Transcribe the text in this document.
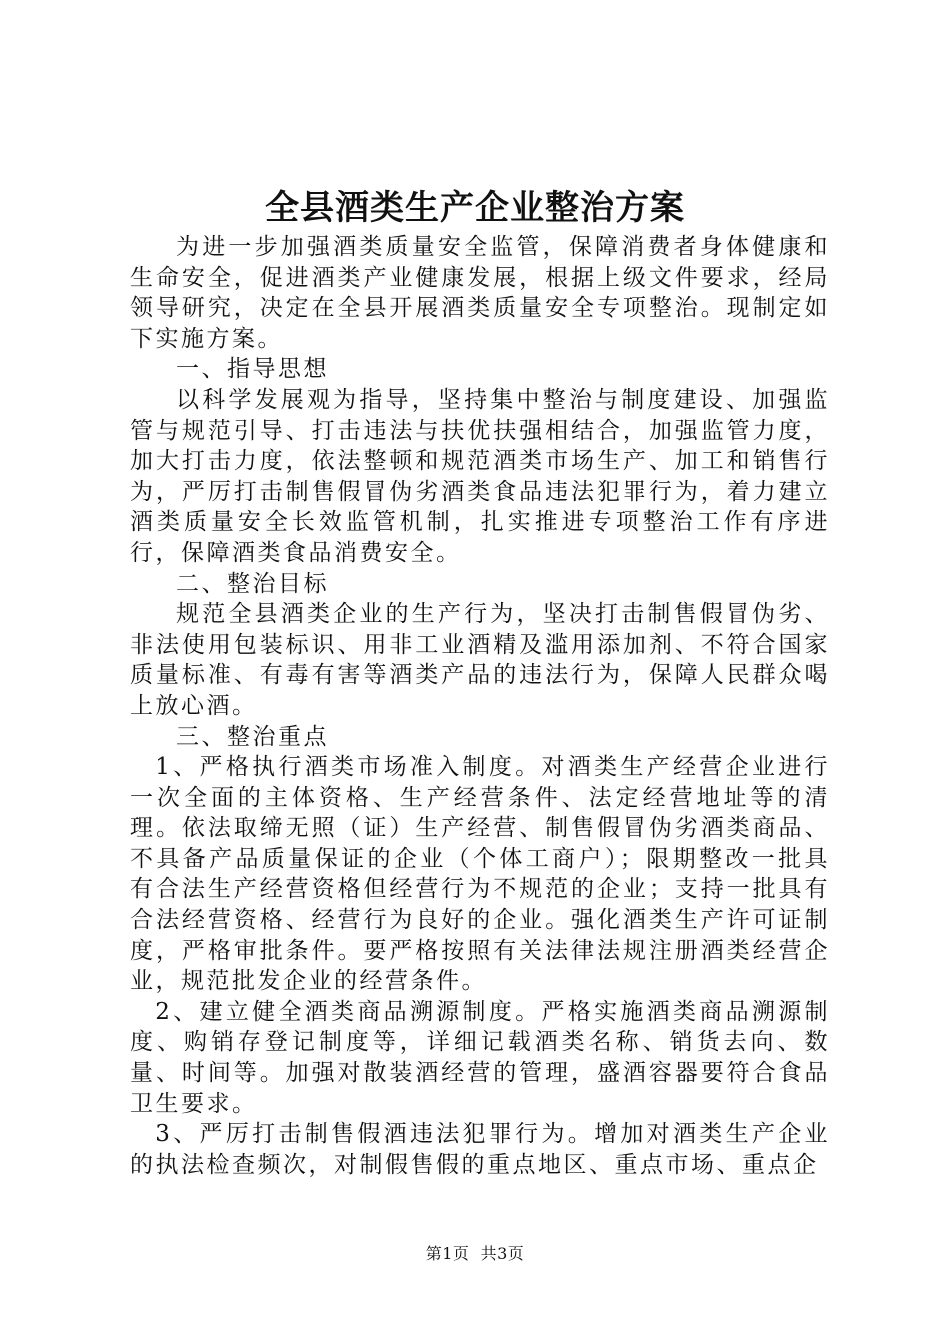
全县酒类生产企业整治方案

为进一步加强酒类质量安全监管，保障消费者身体健康和生命安全，促进酒类产业健康发展，根据上级文件要求，经局领导研究，决定在全县开展酒类质量安全专项整治。现制定如下实施方案。

一、指导思想

以科学发展观为指导，坚持集中整治与制度建设、加强监管与规范引导、打击违法与扶优扶强相结合，加强监管力度，加大打击力度，依法整顿和规范酒类市场生产、加工和销售行为，严厉打击制售假冒伪劣酒类食品违法犯罪行为，着力建立酒类质量安全长效监管机制，扎实推进专项整治工作有序进行，保障酒类食品消费安全。

二、整治目标

规范全县酒类企业的生产行为，坚决打击制售假冒伪劣、非法使用包装标识、用非工业酒精及滥用添加剂、不符合国家质量标准、有毒有害等酒类产品的违法行为，保障人民群众喝上放心酒。

三、整治重点

1、严格执行酒类市场准入制度。对酒类生产经营企业进行一次全面的主体资格、生产经营条件、法定经营地址等的清理。依法取缔无照（证）生产经营、制售假冒伪劣酒类商品、不具备产品质量保证的企业（个体工商户）；限期整改一批具有合法生产经营资格但经营行为不规范的企业；支持一批具有合法经营资格、经营行为良好的企业。强化酒类生产许可证制度，严格审批条件。要严格按照有关法律法规注册酒类经营企业，规范批发企业的经营条件。

2、建立健全酒类商品溯源制度。严格实施酒类商品溯源制度、购销存登记制度等，详细记载酒类名称、销货去向、数量、时间等。加强对散装酒经营的管理，盛酒容器要符合食品卫生要求。

3、严厉打击制售假酒违法犯罪行为。增加对酒类生产企业的执法检查频次，对制假售假的重点地区、重点市场、重点企

第1页  共3页
